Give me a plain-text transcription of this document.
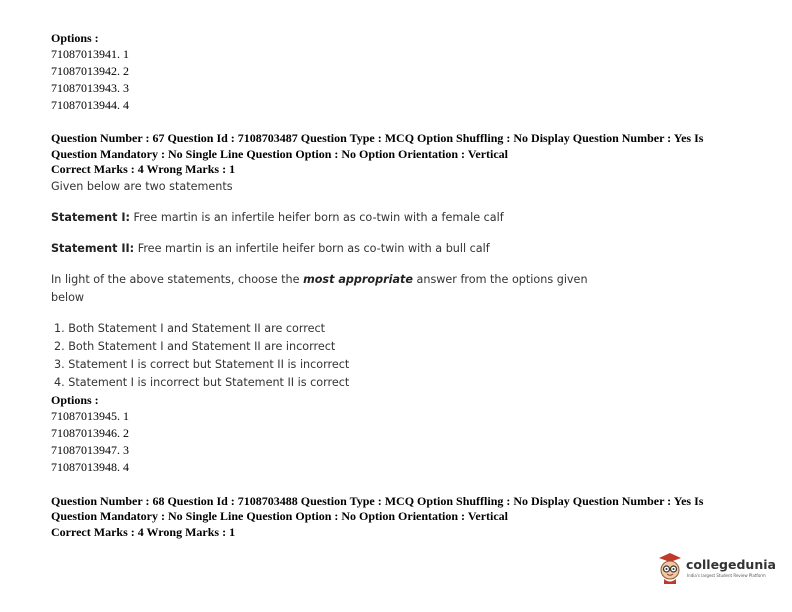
Options :
71087013941. 1
71087013942. 2
71087013943. 3
71087013944. 4
Question Number : 67 Question Id : 7108703487 Question Type : MCQ Option Shuffling : No Display Question Number : Yes Is
Question Mandatory : No Single Line Question Option : No Option Orientation : Vertical
Correct Marks : 4 Wrong Marks : 1
Given below are two statements
Statement I: Free martin is an infertile heifer born as co-twin with a female calf
Statement II: Free martin is an infertile heifer born as co-twin with a bull calf
In light of the above statements, choose the most appropriate answer from the options given
below
1. Both Statement I and Statement II are correct
2. Both Statement I and Statement II are incorrect
3. Statement I is correct but Statement II is incorrect
4. Statement I is incorrect but Statement II is correct
Options :
71087013945. 1
71087013946. 2
71087013947. 3
71087013948. 4
Question Number : 68 Question Id : 7108703488 Question Type : MCQ Option Shuffling : No Display Question Number : Yes Is
Question Mandatory : No Single Line Question Option : No Option Orientation : Vertical
Correct Marks : 4 Wrong Marks : 1
collegedunia
India's largest Student Review Platform
